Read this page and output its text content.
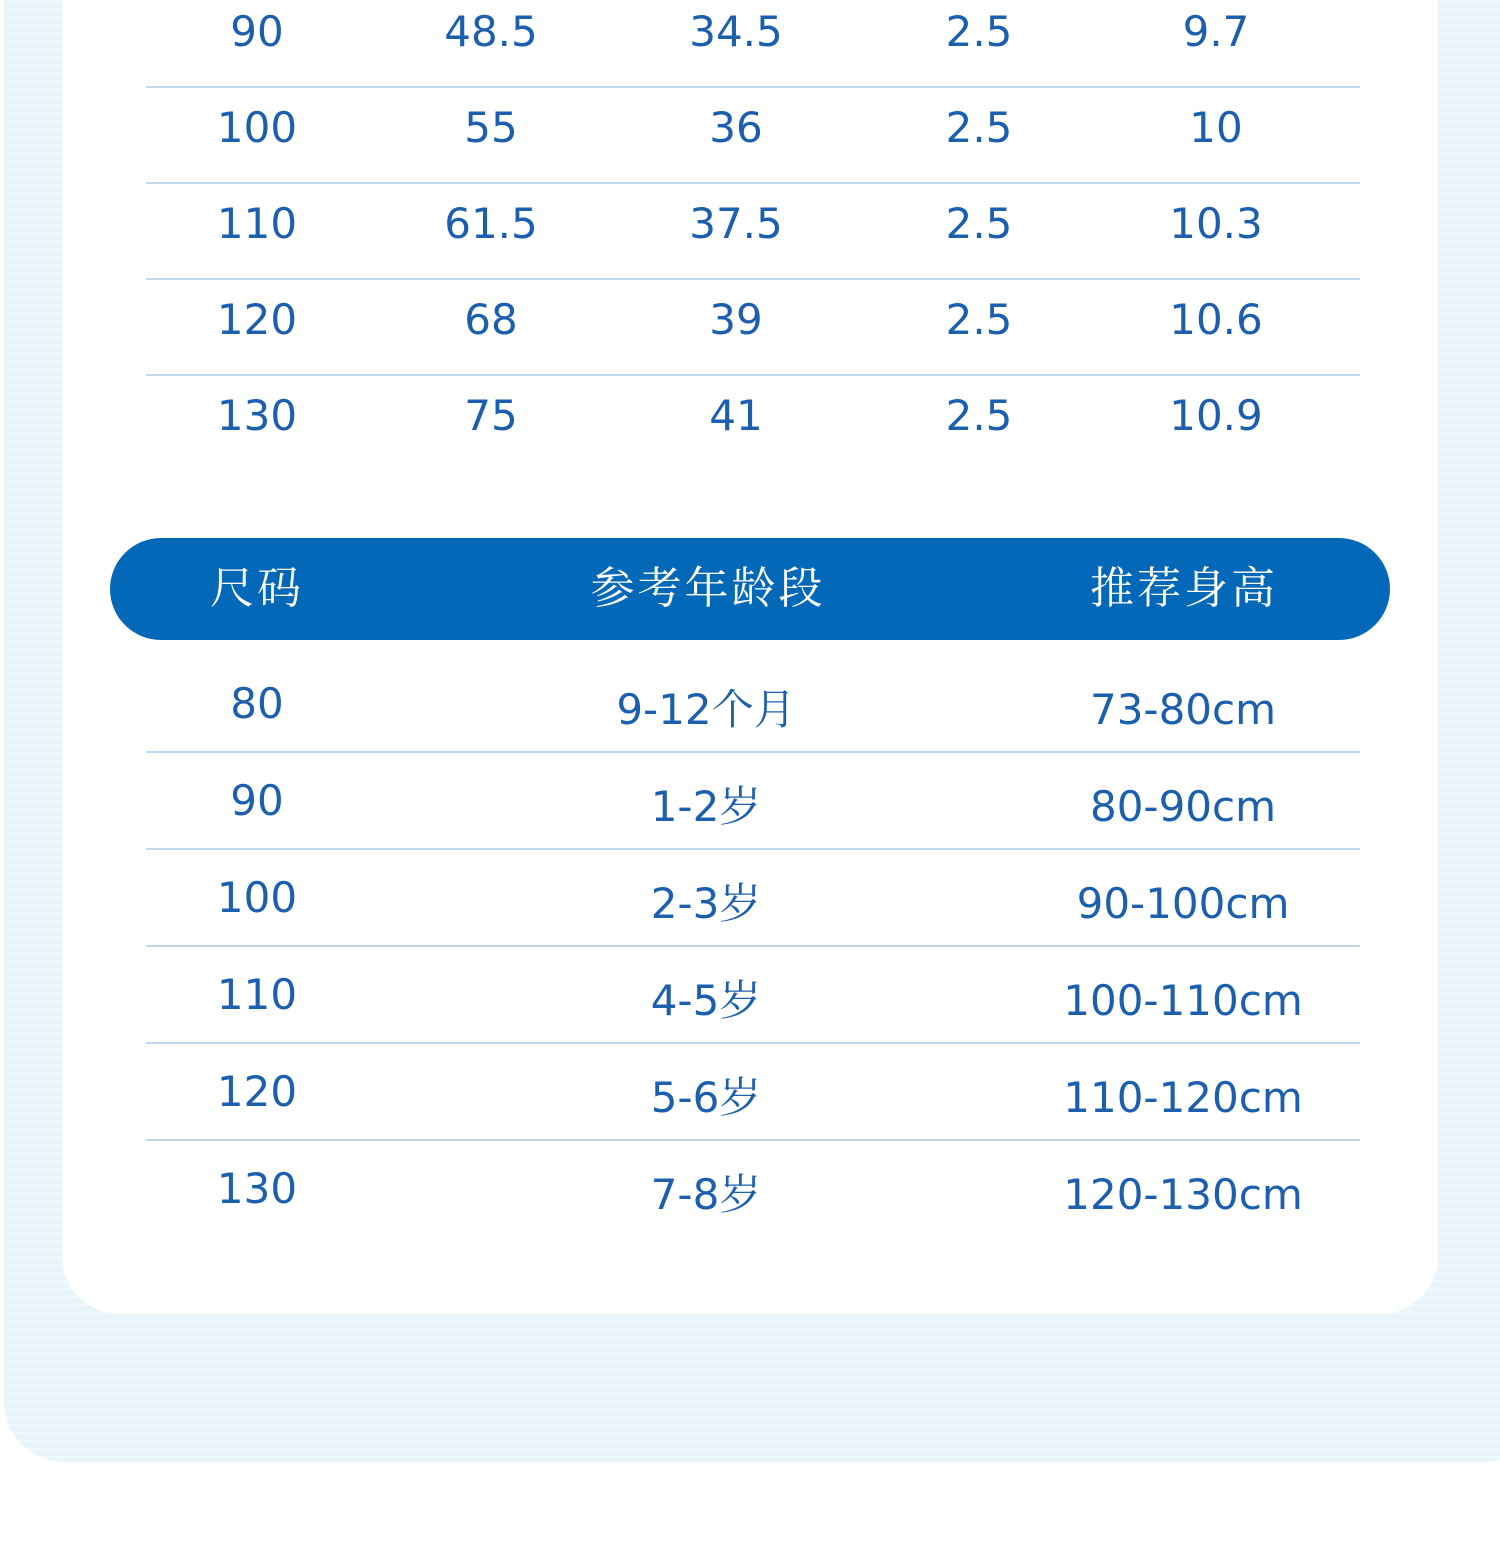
90	48.5	34.5	2.5	9.7
100	55	36	2.5	10
110	61.5	37.5	2.5	10.3
120	68	39	2.5	10.6
130	75	41	2.5	10.9
尺码	参考年龄段	推荐身高
80	9-12个月	73-80cm
90	1-2岁	80-90cm
100	2-3岁	90-100cm
110	4-5岁	100-110cm
120	5-6岁	110-120cm
130	7-8岁	120-130cm
